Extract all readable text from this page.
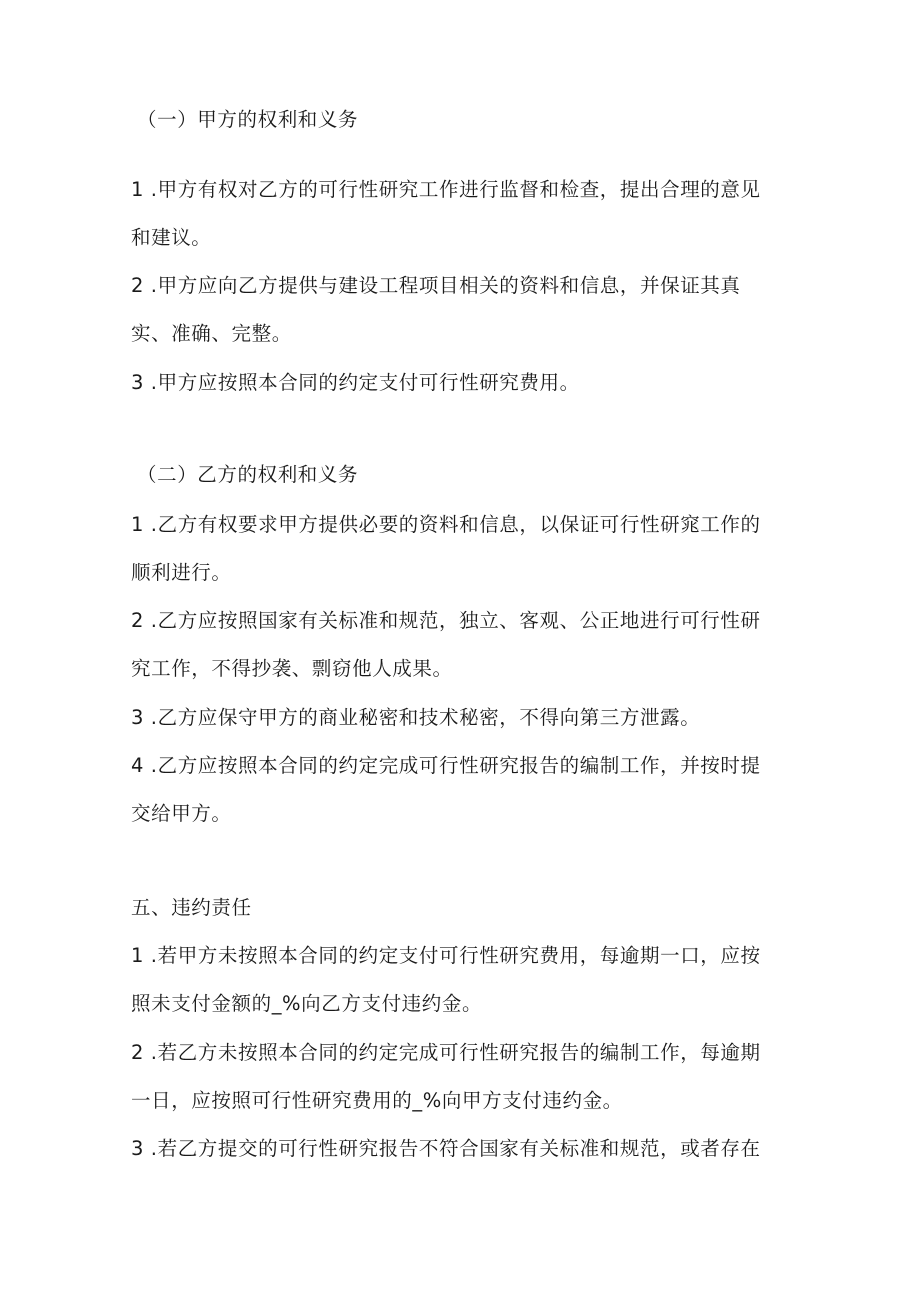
（一）甲方的权利和义务
1 .甲方有权对乙方的可行性研究工作进行监督和检查，提出合理的意见
和建议。
2 .甲方应向乙方提供与建设工程项目相关的资料和信息，并保证其真
实、准确、完整。
3 .甲方应按照本合同的约定支付可行性研究费用。
（二）乙方的权利和义务
1 .乙方有权要求甲方提供必要的资料和信息，以保证可行性研窕工作的
顺利进行。
2 .乙方应按照国家有关标准和规范，独立、客观、公正地进行可行性研
究工作，不得抄袭、剽窃他人成果。
3 .乙方应保守甲方的商业秘密和技术秘密，不得向第三方泄露。
4 .乙方应按照本合同的约定完成可行性研究报告的编制工作，并按时提
交给甲方。
五、违约责任
1 .若甲方未按照本合同的约定支付可行性研究费用，每逾期一口，应按
照未支付金额的_%向乙方支付违约金。
2 .若乙方未按照本合同的约定完成可行性研究报告的编制工作，每逾期
一日，应按照可行性研究费用的_%向甲方支付违约金。
3 .若乙方提交的可行性研究报告不符合国家有关标准和规范，或者存在
